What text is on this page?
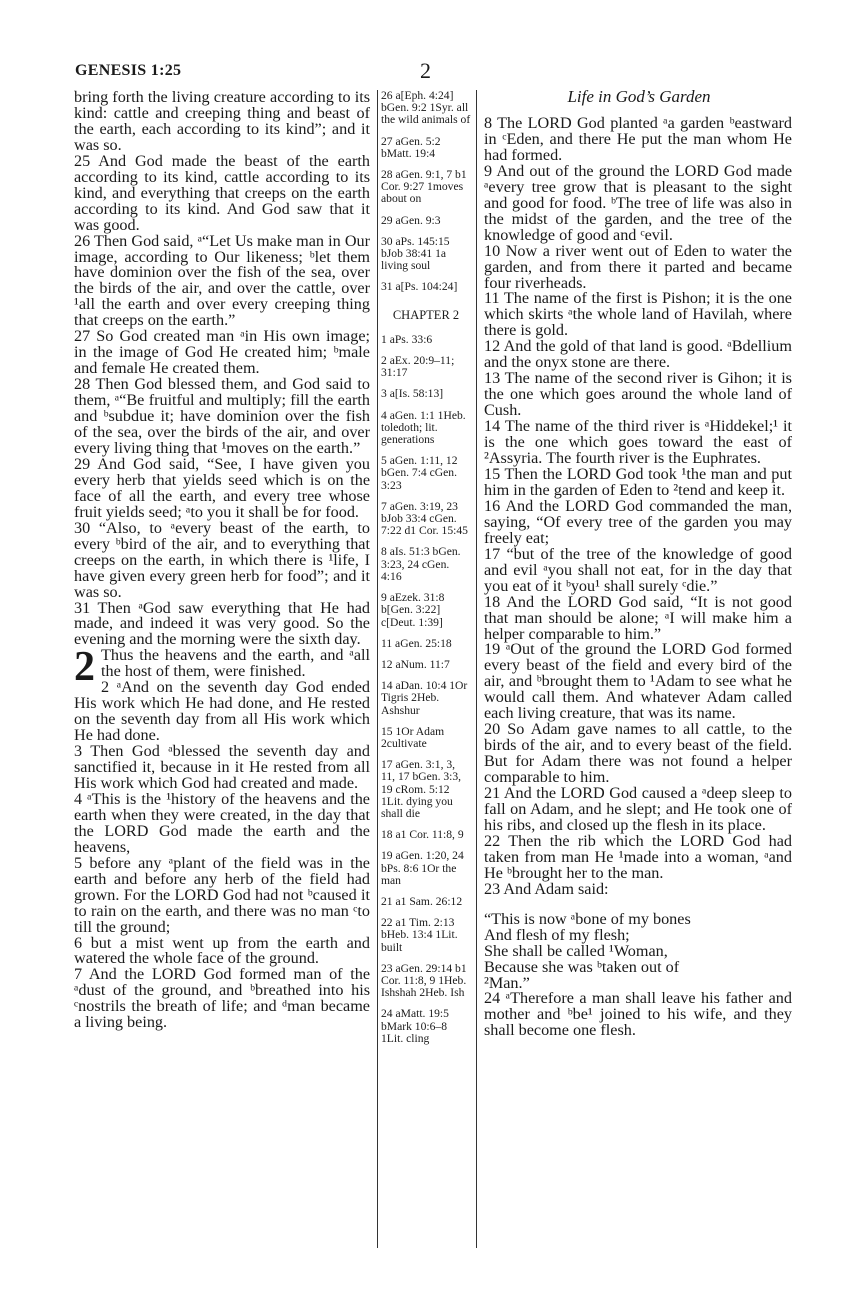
GENESIS 1:25	2
Life in God’s Garden

bring forth the living creature according to its kind: cattle and creeping thing and beast of the earth, each according to its kind”; and it was so.

25 And God made the beast of the earth according to its kind, cattle according to its kind, and everything that creeps on the earth according to its kind. And God saw that it was good.

26 Then God said, ᵃ“Let Us make man in Our image, according to Our likeness; ᵇlet them have dominion over the fish of the sea, over the birds of the air, and over the cattle, over ¹all the earth and over every creeping thing that creeps on the earth.”

27 So God created man ᵃin His own image; in the image of God He created him; ᵇmale and female He created them.

28 Then God blessed them, and God said to them, ᵃ“Be fruitful and multiply; fill the earth and ᵇsubdue it; have dominion over the fish of the sea, over the birds of the air, and over every living thing that ¹moves on the earth.”

29 And God said, “See, I have given you every herb that yields seed which is on the face of all the earth, and every tree whose fruit yields seed; ᵃto you it shall be for food.

30 “Also, to ᵃevery beast of the earth, to every ᵇbird of the air, and to everything that creeps on the earth, in which there is ¹life, I have given every green herb for food”; and it was so.

31 Then ᵃGod saw everything that He had made, and indeed it was very good. So the evening and the morning were the sixth day.

2 Thus the heavens and the earth, and ᵃall the host of them, were finished.

2 ᵃAnd on the seventh day God ended His work which He had done, and He rested on the seventh day from all His work which He had done.

3 Then God ᵃblessed the seventh day and sanctified it, because in it He rested from all His work which God had created and made.

4 ᵃThis is the ¹history of the heavens and the earth when they were created, in the day that the LORD God made the earth and the heavens,

5 before any ᵃplant of the field was in the earth and before any herb of the field had grown. For the LORD God had not ᵇcaused it to rain on the earth, and there was no man ᶜto till the ground;

6 but a mist went up from the earth and watered the whole face of the ground.

7 And the LORD God formed man of the ᵃdust of the ground, and ᵇbreathed into his ᶜnostrils the breath of life; and ᵈman became a living being.

26 a[Eph. 4:24] bGen. 9:2 1Syr. all the wild animals of
27 aGen. 5:2 bMatt. 19:4
28 aGen. 9:1, 7 b1 Cor. 9:27 1moves about on
29 aGen. 9:3
30 aPs. 145:15 bJob 38:41 1a living soul
31 a[Ps. 104:24]
CHAPTER 2
1 aPs. 33:6
2 aEx. 20:9–11; 31:17
3 a[Is. 58:13]
4 aGen. 1:1 1Heb. toledoth; lit. generations
5 aGen. 1:11, 12 bGen. 7:4 cGen. 3:23
7 aGen. 3:19, 23 bJob 33:4 cGen. 7:22 d1 Cor. 15:45
8 aIs. 51:3 bGen. 3:23, 24 cGen. 4:16
9 aEzek. 31:8 b[Gen. 3:22] c[Deut. 1:39]
11 aGen. 25:18
12 aNum. 11:7
14 aDan. 10:4 1Or Tigris 2Heb. Ashshur
15 1Or Adam 2cultivate
17 aGen. 3:1, 3, 11, 17 bGen. 3:3, 19 cRom. 5:12 1Lit. dying you shall die
18 a1 Cor. 11:8, 9
19 aGen. 1:20, 24 bPs. 8:6 1Or the man
21 a1 Sam. 26:12
22 a1 Tim. 2:13 bHeb. 13:4 1Lit. built
23 aGen. 29:14 b1 Cor. 11:8, 9 1Heb. Ishshah 2Heb. Ish
24 aMatt. 19:5 bMark 10:6–8 1Lit. cling

8 The LORD God planted ᵃa garden ᵇeastward in ᶜEden, and there He put the man whom He had formed.

9 And out of the ground the LORD God made ᵃevery tree grow that is pleasant to the sight and good for food. ᵇThe tree of life was also in the midst of the garden, and the tree of the knowledge of good and ᶜevil.

10 Now a river went out of Eden to water the garden, and from there it parted and became four riverheads.

11 The name of the first is Pishon; it is the one which skirts ᵃthe whole land of Havilah, where there is gold.

12 And the gold of that land is good. ᵃBdellium and the onyx stone are there.

13 The name of the second river is Gihon; it is the one which goes around the whole land of Cush.

14 The name of the third river is ᵃHiddekel;¹ it is the one which goes toward the east of ²Assyria. The fourth river is the Euphrates.

15 Then the LORD God took ¹the man and put him in the garden of Eden to ²tend and keep it.

16 And the LORD God commanded the man, saying, “Of every tree of the garden you may freely eat;

17 “but of the tree of the knowledge of good and evil ᵃyou shall not eat, for in the day that you eat of it ᵇyou¹ shall surely ᶜdie.”

18 And the LORD God said, “It is not good that man should be alone; ᵃI will make him a helper comparable to him.”

19 ᵃOut of the ground the LORD God formed every beast of the field and every bird of the air, and ᵇbrought them to ¹Adam to see what he would call them. And whatever Adam called each living creature, that was its name.

20 So Adam gave names to all cattle, to the birds of the air, and to every beast of the field. But for Adam there was not found a helper comparable to him.

21 And the LORD God caused a ᵃdeep sleep to fall on Adam, and he slept; and He took one of his ribs, and closed up the flesh in its place.

22 Then the rib which the LORD God had taken from man He ¹made into a woman, ᵃand He ᵇbrought her to the man.

23 And Adam said:

“This is now ᵃbone of my bones
And flesh of my flesh;
She shall be called ¹Woman,
Because she was ᵇtaken out of
²Man.”

24 ᵃTherefore a man shall leave his father and mother and ᵇbe¹ joined to his wife, and they shall become one flesh.
